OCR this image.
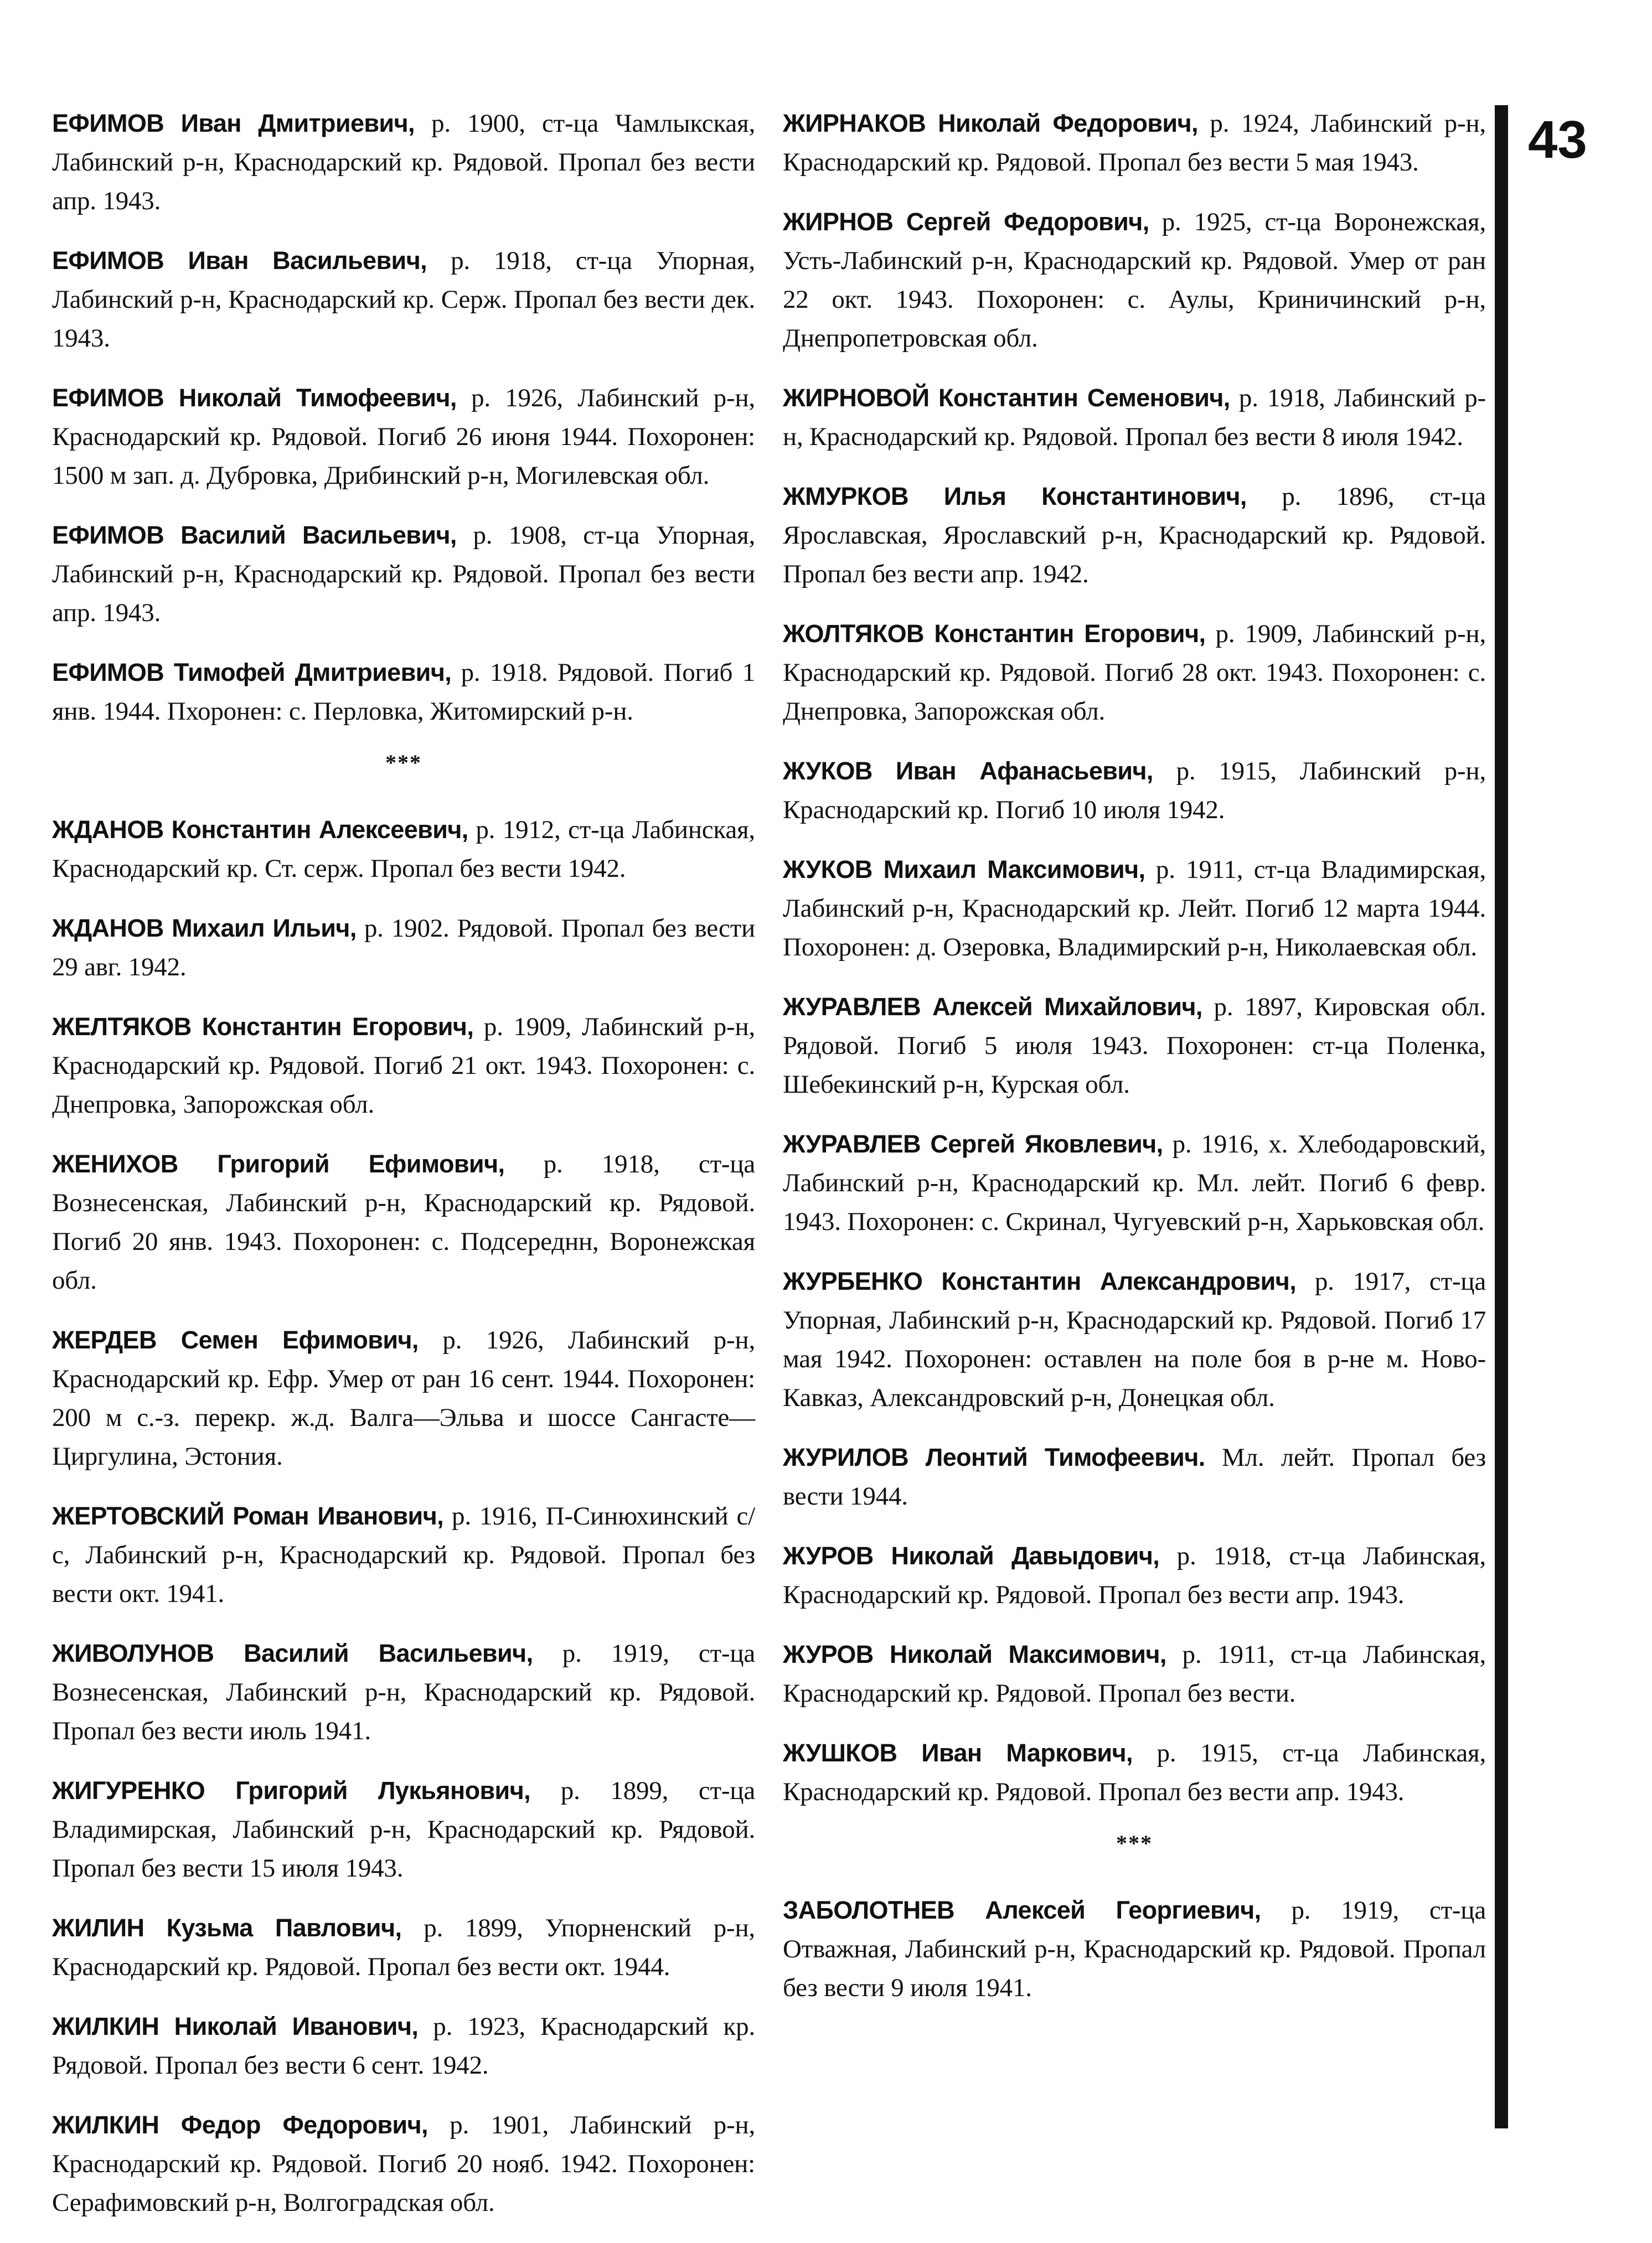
ЕФИМОВ Иван Дмитриевич, р. 1900, ст-ца Чамлыкская, Лабинский р-н, Краснодарский кр. Рядовой. Пропал без вести апр. 1943.

ЕФИМОВ Иван Васильевич, р. 1918, ст-ца Упорная, Лабинский р-н, Краснодарский кр. Серж. Пропал без вести дек. 1943.

ЕФИМОВ Николай Тимофеевич, р. 1926, Лабинский р-н, Краснодарский кр. Рядовой. Погиб 26 июня 1944. Похоронен: 1500 м зап. д. Дубровка, Дрибинский р-н, Могилевская обл.

ЕФИМОВ Василий Васильевич, р. 1908, ст-ца Упорная, Лабинский р-н, Краснодарский кр. Рядовой. Пропал без вести апр. 1943.

ЕФИМОВ Тимофей Дмитриевич, р. 1918. Рядовой. Погиб 1 янв. 1944. Пхоронен: с. Перловка, Житомирский р-н.

***

ЖДАНОВ Константин Алексеевич, р. 1912, ст-ца Лабинская, Краснодарский кр. Ст. серж. Пропал без вести 1942.

ЖДАНОВ Михаил Ильич, р. 1902. Рядовой. Пропал без вести 29 авг. 1942.

ЖЕЛТЯКОВ Константин Егорович, р. 1909, Лабинский р-н, Краснодарский кр. Рядовой. Погиб 21 окт. 1943. Похоронен: с. Днепровка, Запорожская обл.

ЖЕНИХОВ Григорий Ефимович, р. 1918, ст-ца Вознесенская, Лабинский р-н, Краснодарский кр. Рядовой. Погиб 20 янв. 1943. Похоронен: с. Подсереднн, Воронежская обл.

ЖЕРДЕВ Семен Ефимович, р. 1926, Лабинский р-н, Краснодарский кр. Ефр. Умер от ран 16 сент. 1944. Похоронен: 200 м с.-з. перекр. ж.д. Валга—Эльва и шоссе Сангасте—Циргулина, Эстония.

ЖЕРТОВСКИЙ Роман Иванович, р. 1916, П-Синюхинский с/с, Лабинский р-н, Краснодарский кр. Рядовой. Пропал без вести окт. 1941.

ЖИВОЛУНОВ Василий Васильевич, р. 1919, ст-ца Вознесенская, Лабинский р-н, Краснодарский кр. Рядовой. Пропал без вести июль 1941.

ЖИГУРЕНКО Григорий Лукьянович, р. 1899, ст-ца Владимирская, Лабинский р-н, Краснодарский кр. Рядовой. Пропал без вести 15 июля 1943.

ЖИЛИН Кузьма Павлович, р. 1899, Упорненский р-н, Краснодарский кр. Рядовой. Пропал без вести окт. 1944.

ЖИЛКИН Николай Иванович, р. 1923, Краснодарский кр. Рядовой. Пропал без вести 6 сент. 1942.

ЖИЛКИН Федор Федорович, р. 1901, Лабинский р-н, Краснодарский кр. Рядовой. Погиб 20 нояб. 1942. Похоронен: Серафимовский р-н, Волгоградская обл.

ЖИРНАКОВ Николай Федорович, р. 1924, Лабинский р-н, Краснодарский кр. Рядовой. Пропал без вести 5 мая 1943.

ЖИРНОВ Сергей Федорович, р. 1925, ст-ца Воронежская, Усть-Лабинский р-н, Краснодарский кр. Рядовой. Умер от ран 22 окт. 1943. Похоронен: с. Аулы, Криничинский р-н, Днепропетровская обл.

ЖИРНОВОЙ Константин Семенович, р. 1918, Лабинский р-н, Краснодарский кр. Рядовой. Пропал без вести 8 июля 1942.

ЖМУРКОВ Илья Константинович, р. 1896, ст-ца Ярославская, Ярославский р-н, Краснодарский кр. Рядовой. Пропал без вести апр. 1942.

ЖОЛТЯКОВ Константин Егорович, р. 1909, Лабинский р-н, Краснодарский кр. Рядовой. Погиб 28 окт. 1943. Похоронен: с. Днепровка, Запорожская обл.

ЖУКОВ Иван Афанасьевич, р. 1915, Лабинский р-н, Краснодарский кр. Погиб 10 июля 1942.

ЖУКОВ Михаил Максимович, р. 1911, ст-ца Владимирская, Лабинский р-н, Краснодарский кр. Лейт. Погиб 12 марта 1944. Похоронен: д. Озеровка, Владимирский р-н, Николаевская обл.

ЖУРАВЛЕВ Алексей Михайлович, р. 1897, Кировская обл. Рядовой. Погиб 5 июля 1943. Похоронен: ст-ца Поленка, Шебекинский р-н, Курская обл.

ЖУРАВЛЕВ Сергей Яковлевич, р. 1916, х. Хлебодаровский, Лабинский р-н, Краснодарский кр. Мл. лейт. Погиб 6 февр. 1943. Похоронен: с. Скринал, Чугуевский р-н, Харьковская обл.

ЖУРБЕНКО Константин Александрович, р. 1917, ст-ца Упорная, Лабинский р-н, Краснодарский кр. Рядовой. Погиб 17 мая 1942. Похоронен: оставлен на поле боя в р-не м. Ново-Кавказ, Александровский р-н, Донецкая обл.

ЖУРИЛОВ Леонтий Тимофеевич. Мл. лейт. Пропал без вести 1944.

ЖУРОВ Николай Давыдович, р. 1918, ст-ца Лабинская, Краснодарский кр. Рядовой. Пропал без вести апр. 1943.

ЖУРОВ Николай Максимович, р. 1911, ст-ца Лабинская, Краснодарский кр. Рядовой. Пропал без вести.

ЖУШКОВ Иван Маркович, р. 1915, ст-ца Лабинская, Краснодарский кр. Рядовой. Пропал без вести апр. 1943.

***

ЗАБОЛОТНЕВ Алексей Георгиевич, р. 1919, ст-ца Отважная, Лабинский р-н, Краснодарский кр. Рядовой. Пропал без вести 9 июля 1941.

43
